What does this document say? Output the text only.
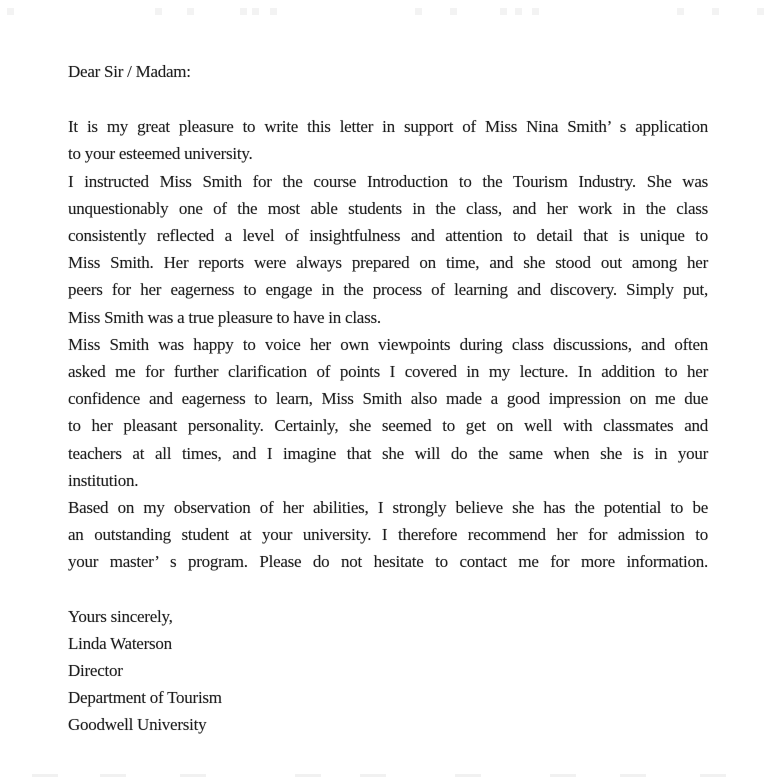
Dear Sir / Madam:
It is my great pleasure to write this letter in support of Miss Nina Smith’ s application
to your esteemed university.
I instructed Miss Smith for the course Introduction to the Tourism Industry. She was
unquestionably one of the most able students in the class, and her work in the class
consistently reflected a level of insightfulness and attention to detail that is unique to
Miss Smith. Her reports were always prepared on time, and she stood out among her
peers for her eagerness to engage in the process of learning and discovery. Simply put,
Miss Smith was a true pleasure to have in class.
Miss Smith was happy to voice her own viewpoints during class discussions, and often
asked me for further clarification of points I covered in my lecture. In addition to her
confidence and eagerness to learn, Miss Smith also made a good impression on me due
to her pleasant personality. Certainly, she seemed to get on well with classmates and
teachers at all times, and I imagine that she will do the same when she is in your
institution.
Based on my observation of her abilities, I strongly believe she has the potential to be
an outstanding student at your university. I therefore recommend her for admission to
your master’ s program. Please do not hesitate to contact me for more information.
Yours sincerely,
Linda Waterson
Director
Department of Tourism
Goodwell University
